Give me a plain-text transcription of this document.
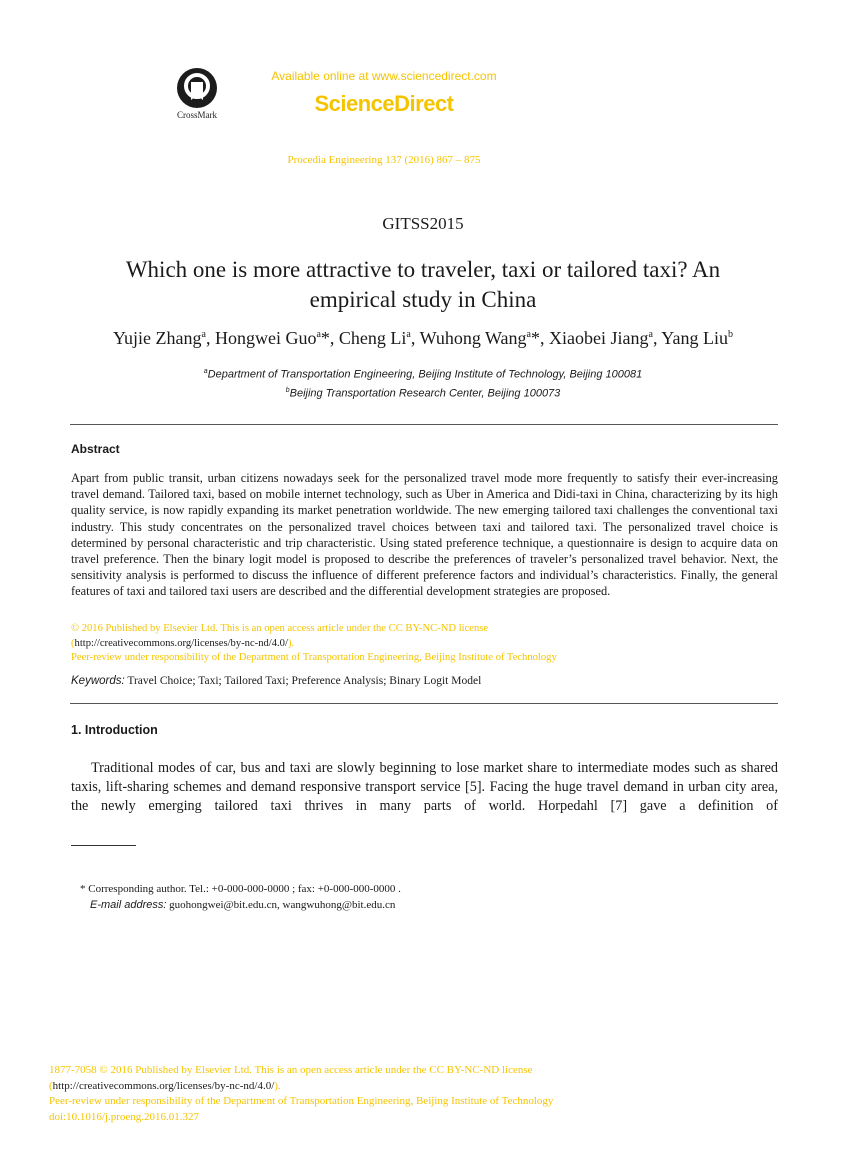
CrossMark
Available online at www.sciencedirect.com
ScienceDirect
Procedia Engineering 137 (2016) 867 – 875
GITSS2015
Which one is more attractive to traveler, taxi or tailored taxi? An
empirical study in China
Yujie Zhang$^a$, Hongwei Guo$^a$*, Cheng Li$^a$, Wuhong Wang$^a$*, Xiaobei Jiang$^a$, Yang Liu$^b$
$^a$Department of Transportation Engineering, Beijing Institute of Technology, Beijing 100081
$^b$Beijing Transportation Research Center, Beijing 100073
Abstract

Apart from public transit, urban citizens nowadays seek for the personalized travel mode more frequently to satisfy their ever-increasing travel demand. Tailored taxi, based on mobile internet technology, such as Uber in America and Didi-taxi in China, characterizing by its high quality service, is now rapidly expanding its market penetration worldwide. The new emerging tailored taxi challenges the conventional taxi industry. This study concentrates on the personalized travel choices between taxi and tailored taxi. The personalized travel choice is determined by personal characteristic and trip characteristic. Using stated preference technique, a questionnaire is design to acquire data on travel preference. Then the binary logit model is proposed to describe the preferences of traveler’s personalized travel behavior. Next, the sensitivity analysis is performed to discuss the influence of different preference factors and individual’s characteristics. Finally, the general features of taxi and tailored taxi users are described and the differential development strategies are proposed.

© 2016 Published by Elsevier Ltd. This is an open access article under the CC BY-NC-ND license
(http://creativecommons.org/licenses/by-nc-nd/4.0/).
Peer-review under responsibility of the Department of Transportation Engineering, Beijing Institute of Technology
Keywords: Travel Choice; Taxi; Tailored Taxi; Preference Analysis; Binary Logit Model
1. Introduction

Traditional modes of car, bus and taxi are slowly beginning to lose market share to intermediate modes such as shared taxis, lift-sharing schemes and demand responsive transport service [5]. Facing the huge travel demand in urban city area, the newly emerging tailored taxi thrives in many parts of world. Horpedahl [7] gave a definition of

* Corresponding author. Tel.: +0-000-000-0000 ; fax: +0-000-000-0000 .
E-mail address: guohongwei@bit.edu.cn, wangwuhong@bit.edu.cn
1877-7058 © 2016 Published by Elsevier Ltd. This is an open access article under the CC BY-NC-ND license
(http://creativecommons.org/licenses/by-nc-nd/4.0/).
Peer-review under responsibility of the Department of Transportation Engineering, Beijing Institute of Technology
doi:10.1016/j.proeng.2016.01.327
